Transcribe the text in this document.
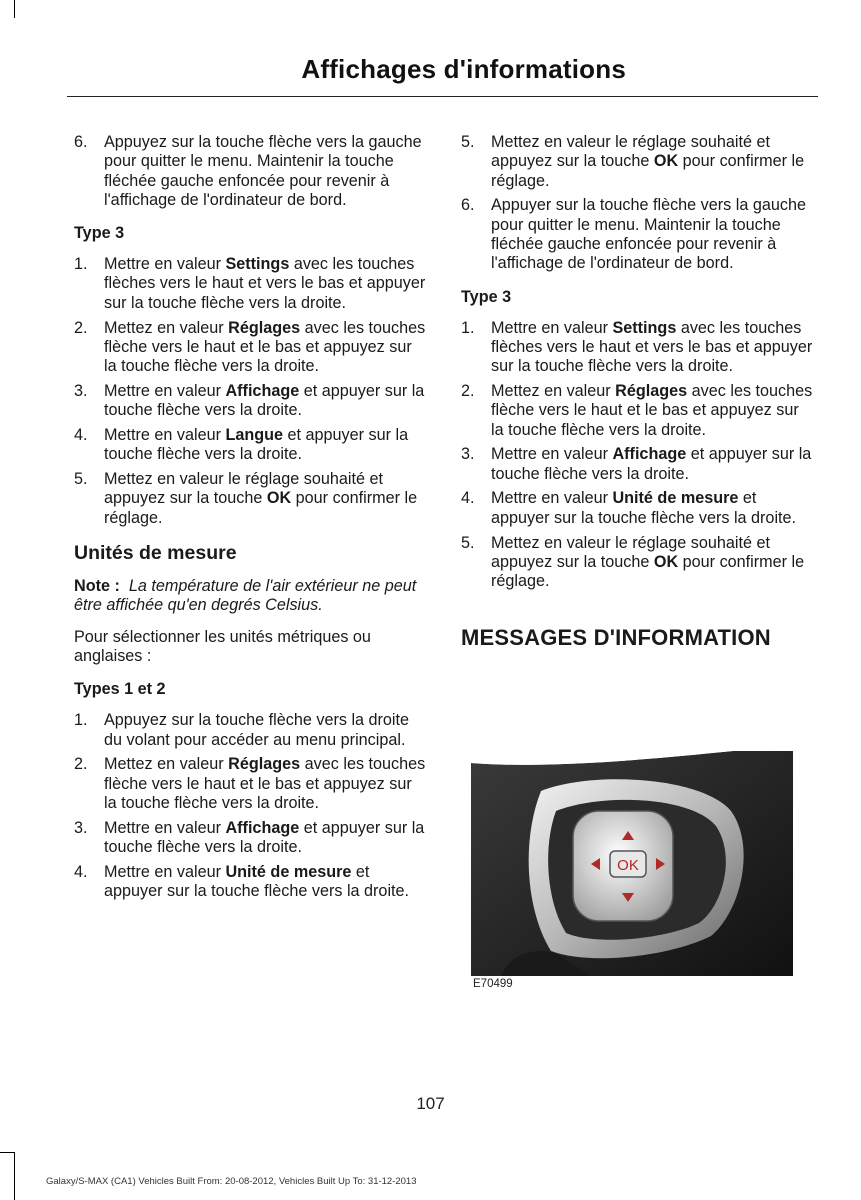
Affichages d'informations
6. Appuyez sur la touche flèche vers la gauche pour quitter le menu. Maintenir la touche fléchée gauche enfoncée pour revenir à l'affichage de l'ordinateur de bord.
Type 3
1. Mettre en valeur Settings avec les touches flèches vers le haut et vers le bas et appuyer sur la touche flèche vers la droite.
2. Mettez en valeur Réglages avec les touches flèche vers le haut et le bas et appuyez sur la touche flèche vers la droite.
3. Mettre en valeur Affichage et appuyer sur la touche flèche vers la droite.
4. Mettre en valeur Langue et appuyer sur la touche flèche vers la droite.
5. Mettez en valeur le réglage souhaité et appuyez sur la touche OK pour confirmer le réglage.
Unités de mesure

Note : La température de l'air extérieur ne peut être affichée qu'en degrés Celsius.

Pour sélectionner les unités métriques ou anglaises :

Types 1 et 2
1. Appuyez sur la touche flèche vers la droite du volant pour accéder au menu principal.
2. Mettez en valeur Réglages avec les touches flèche vers le haut et le bas et appuyez sur la touche flèche vers la droite.
3. Mettre en valeur Affichage et appuyer sur la touche flèche vers la droite.
4. Mettre en valeur Unité de mesure et appuyer sur la touche flèche vers la droite.
5. Mettez en valeur le réglage souhaité et appuyez sur la touche OK pour confirmer le réglage.
6. Appuyer sur la touche flèche vers la gauche pour quitter le menu. Maintenir la touche fléchée gauche enfoncée pour revenir à l'affichage de l'ordinateur de bord.
Type 3
1. Mettre en valeur Settings avec les touches flèches vers le haut et vers le bas et appuyer sur la touche flèche vers la droite.
2. Mettez en valeur Réglages avec les touches flèche vers le haut et le bas et appuyez sur la touche flèche vers la droite.
3. Mettre en valeur Affichage et appuyer sur la touche flèche vers la droite.
4. Mettre en valeur Unité de mesure et appuyer sur la touche flèche vers la droite.
5. Mettez en valeur le réglage souhaité et appuyez sur la touche OK pour confirmer le réglage.
MESSAGES D'INFORMATION
OK
E70499
107
Galaxy/S-MAX (CA1) Vehicles Built From: 20-08-2012, Vehicles Built Up To: 31-12-2013
